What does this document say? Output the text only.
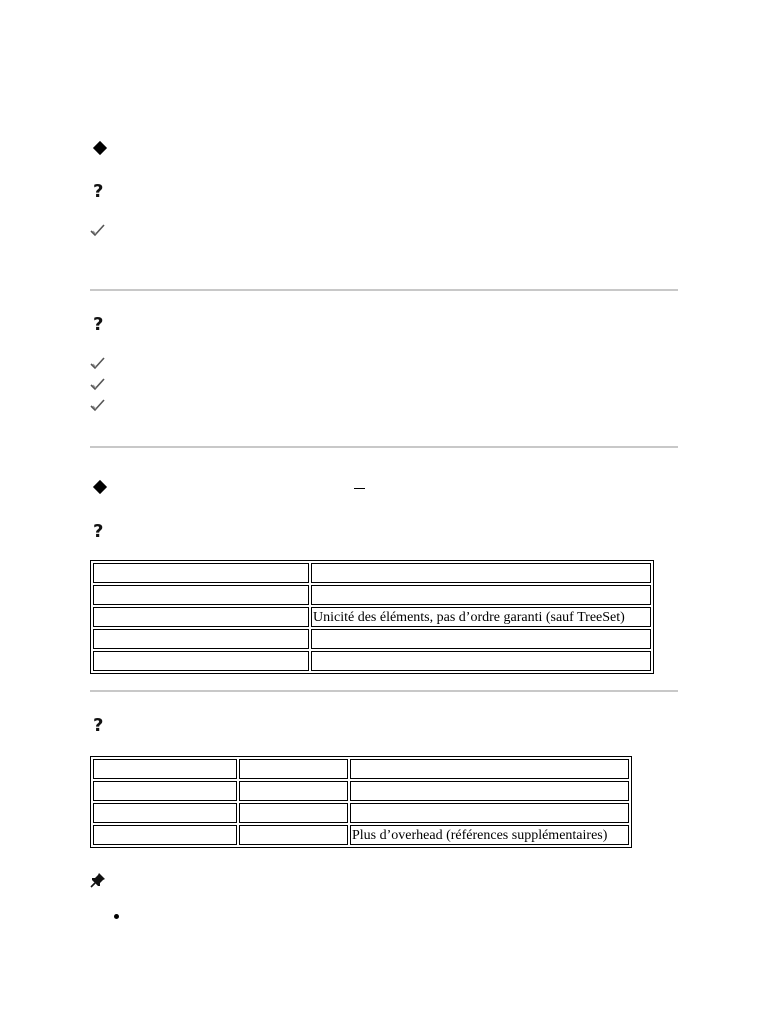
?
?
?

	Unicité des éléments, pas d’ordre garanti (sauf TreeSet)

?

		Plus d’overhead (références supplémentaires)
